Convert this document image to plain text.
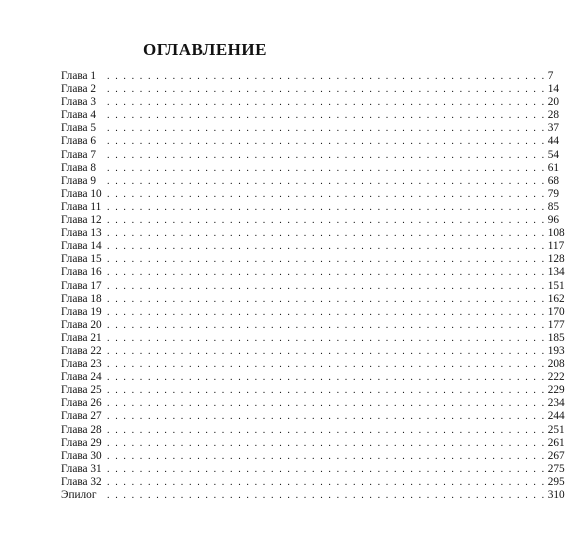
ОГЛАВЛЕНИЕ
Глава 1	. . . . . . . . . . . . . . . . . . . . . . . . . . . . . . . . . . . . . . . . . . . . . . . . . . . . . . 7
Глава 2	. . . . . . . . . . . . . . . . . . . . . . . . . . . . . . . . . . . . . . . . . . . . . . . . . . . . . . 14
Глава 3	. . . . . . . . . . . . . . . . . . . . . . . . . . . . . . . . . . . . . . . . . . . . . . . . . . . . . . 20
Глава 4	. . . . . . . . . . . . . . . . . . . . . . . . . . . . . . . . . . . . . . . . . . . . . . . . . . . . . . 28
Глава 5	. . . . . . . . . . . . . . . . . . . . . . . . . . . . . . . . . . . . . . . . . . . . . . . . . . . . . . 37
Глава 6	. . . . . . . . . . . . . . . . . . . . . . . . . . . . . . . . . . . . . . . . . . . . . . . . . . . . . . 44
Глава 7	. . . . . . . . . . . . . . . . . . . . . . . . . . . . . . . . . . . . . . . . . . . . . . . . . . . . . . 54
Глава 8	. . . . . . . . . . . . . . . . . . . . . . . . . . . . . . . . . . . . . . . . . . . . . . . . . . . . . . 61
Глава 9	. . . . . . . . . . . . . . . . . . . . . . . . . . . . . . . . . . . . . . . . . . . . . . . . . . . . . . 68
Глава 10 . . . . . . . . . . . . . . . . . . . . . . . . . . . . . . . . . . . . . . . . . . . . . . . . . . . . . . 79
Глава 11 . . . . . . . . . . . . . . . . . . . . . . . . . . . . . . . . . . . . . . . . . . . . . . . . . . . . . . 85
Глава 12 . . . . . . . . . . . . . . . . . . . . . . . . . . . . . . . . . . . . . . . . . . . . . . . . . . . . . . 96
Глава 13 . . . . . . . . . . . . . . . . . . . . . . . . . . . . . . . . . . . . . . . . . . . . . . . . . . . . . . 108
Глава 14 . . . . . . . . . . . . . . . . . . . . . . . . . . . . . . . . . . . . . . . . . . . . . . . . . . . . . . 117
Глава 15 . . . . . . . . . . . . . . . . . . . . . . . . . . . . . . . . . . . . . . . . . . . . . . . . . . . . . . 128
Глава 16 . . . . . . . . . . . . . . . . . . . . . . . . . . . . . . . . . . . . . . . . . . . . . . . . . . . . . . 134
Глава 17 . . . . . . . . . . . . . . . . . . . . . . . . . . . . . . . . . . . . . . . . . . . . . . . . . . . . . . 151
Глава 18 . . . . . . . . . . . . . . . . . . . . . . . . . . . . . . . . . . . . . . . . . . . . . . . . . . . . . . 162
Глава 19 . . . . . . . . . . . . . . . . . . . . . . . . . . . . . . . . . . . . . . . . . . . . . . . . . . . . . . 170
Глава 20 . . . . . . . . . . . . . . . . . . . . . . . . . . . . . . . . . . . . . . . . . . . . . . . . . . . . . . 177
Глава 21 . . . . . . . . . . . . . . . . . . . . . . . . . . . . . . . . . . . . . . . . . . . . . . . . . . . . . . 185
Глава 22 . . . . . . . . . . . . . . . . . . . . . . . . . . . . . . . . . . . . . . . . . . . . . . . . . . . . . . 193
Глава 23 . . . . . . . . . . . . . . . . . . . . . . . . . . . . . . . . . . . . . . . . . . . . . . . . . . . . . . 208
Глава 24 . . . . . . . . . . . . . . . . . . . . . . . . . . . . . . . . . . . . . . . . . . . . . . . . . . . . . . 222
Глава 25 . . . . . . . . . . . . . . . . . . . . . . . . . . . . . . . . . . . . . . . . . . . . . . . . . . . . . . 229
Глава 26 . . . . . . . . . . . . . . . . . . . . . . . . . . . . . . . . . . . . . . . . . . . . . . . . . . . . . . 234
Глава 27 . . . . . . . . . . . . . . . . . . . . . . . . . . . . . . . . . . . . . . . . . . . . . . . . . . . . . . 244
Глава 28 . . . . . . . . . . . . . . . . . . . . . . . . . . . . . . . . . . . . . . . . . . . . . . . . . . . . . . 251
Глава 29 . . . . . . . . . . . . . . . . . . . . . . . . . . . . . . . . . . . . . . . . . . . . . . . . . . . . . . 261
Глава 30 . . . . . . . . . . . . . . . . . . . . . . . . . . . . . . . . . . . . . . . . . . . . . . . . . . . . . . 267
Глава 31 . . . . . . . . . . . . . . . . . . . . . . . . . . . . . . . . . . . . . . . . . . . . . . . . . . . . . . 275
Глава 32 . . . . . . . . . . . . . . . . . . . . . . . . . . . . . . . . . . . . . . . . . . . . . . . . . . . . . . 295
Эпилог	. . . . . . . . . . . . . . . . . . . . . . . . . . . . . . . . . . . . . . . . . . . . . . . . . . . . . . 310
